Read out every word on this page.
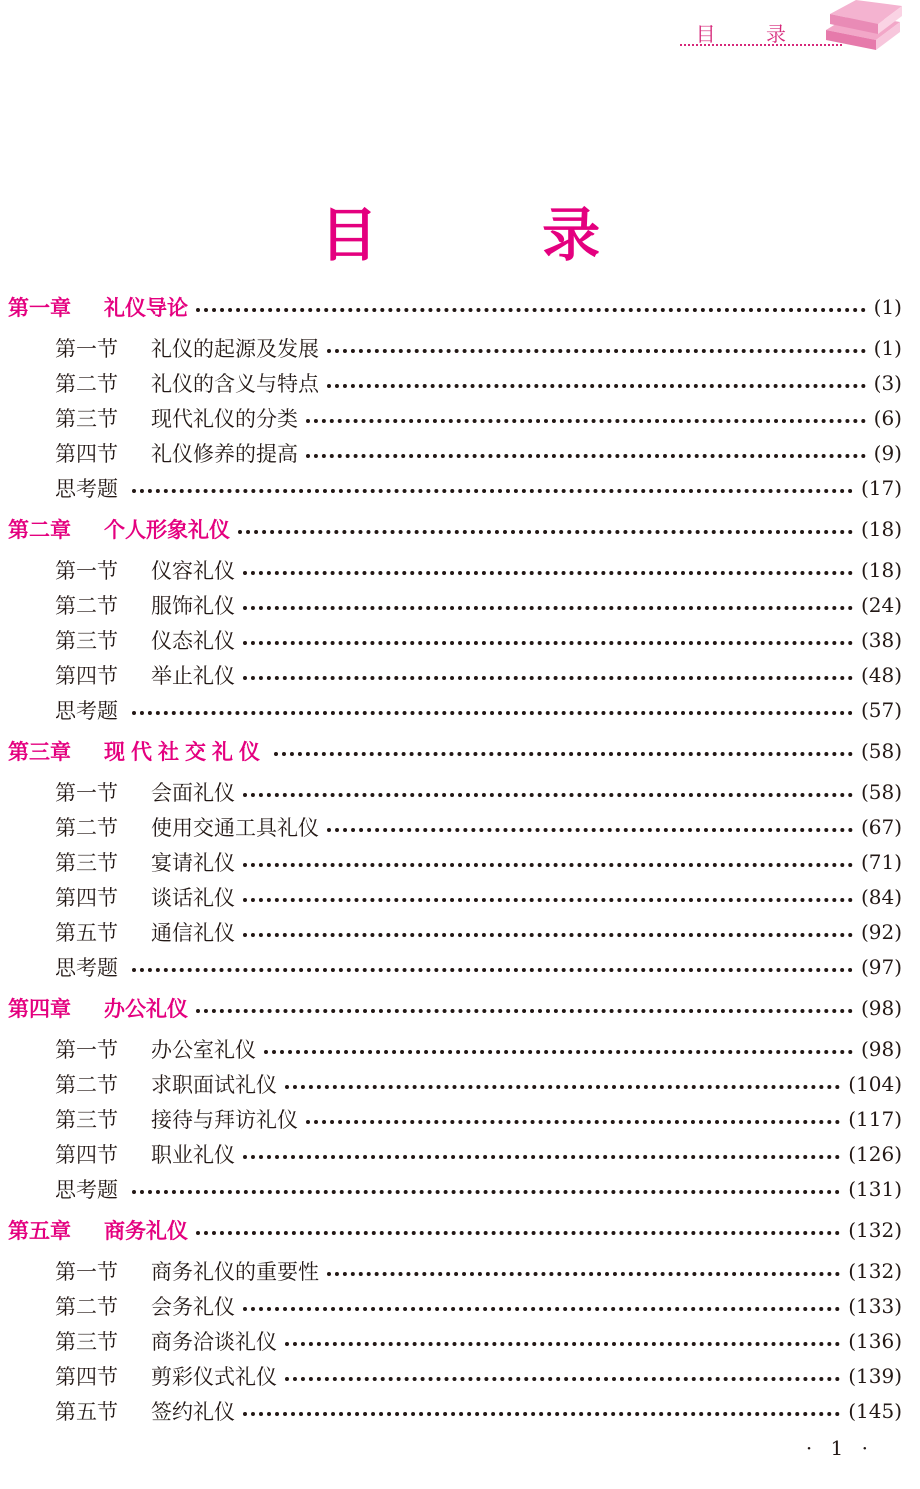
目 录
目 录
第一章	礼仪导论	(1)
第一节	礼仪的起源及发展	(1)
第二节	礼仪的含义与特点	(3)
第三节	现代礼仪的分类	(6)
第四节	礼仪修养的提高	(9)
思考题	(17)
第二章	个人形象礼仪	(18)
第一节	仪容礼仪	(18)
第二节	服饰礼仪	(24)
第三节	仪态礼仪	(38)
第四节	举止礼仪	(48)
思考题	(57)
第三章	现代社交礼仪	(58)
第一节	会面礼仪	(58)
第二节	使用交通工具礼仪	(67)
第三节	宴请礼仪	(71)
第四节	谈话礼仪	(84)
第五节	通信礼仪	(92)
思考题	(97)
第四章	办公礼仪	(98)
第一节	办公室礼仪	(98)
第二节	求职面试礼仪	(104)
第三节	接待与拜访礼仪	(117)
第四节	职业礼仪	(126)
思考题	(131)
第五章	商务礼仪	(132)
第一节	商务礼仪的重要性	(132)
第二节	会务礼仪	(133)
第三节	商务洽谈礼仪	(136)
第四节	剪彩仪式礼仪	(139)
第五节	签约礼仪	(145)
· 1 ·
